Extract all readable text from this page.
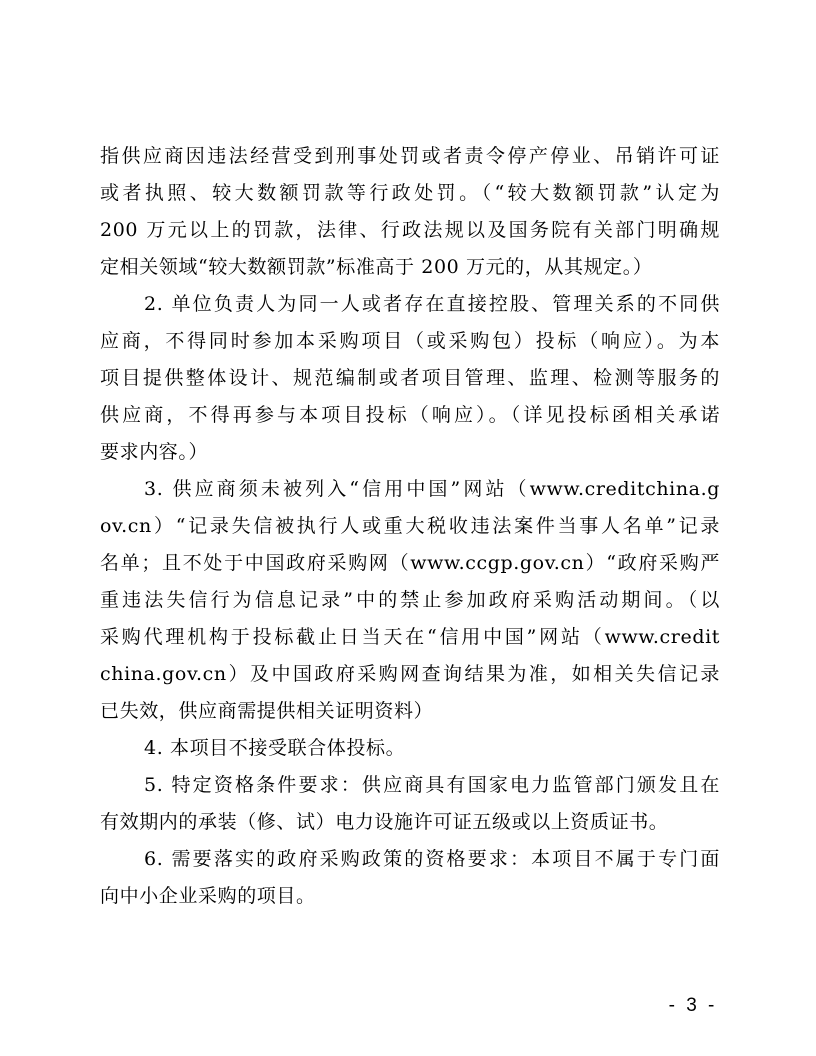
指供应商因违法经营受到刑事处罚或者责令停产停业、吊销许可证
或者执照、较大数额罚款等行政处罚。（“较大数额罚款”认定为
200 万元以上的罚款，法律、行政法规以及国务院有关部门明确规
定相关领域“较大数额罚款”标准高于 200 万元的，从其规定。）
2. 单位负责人为同一人或者存在直接控股、管理关系的不同供
应商，不得同时参加本采购项目（或采购包）投标（响应）。为本
项目提供整体设计、规范编制或者项目管理、监理、检测等服务的
供应商，不得再参与本项目投标（响应）。（详见投标函相关承诺
要求内容。）
3. 供应商须未被列入“信用中国”网站（www.creditchina.g
ov.cn）“记录失信被执行人或重大税收违法案件当事人名单”记录
名单；且不处于中国政府采购网（www.ccgp.gov.cn）“政府采购严
重违法失信行为信息记录”中的禁止参加政府采购活动期间。（以
采购代理机构于投标截止日当天在“信用中国”网站（www.credit
china.gov.cn）及中国政府采购网查询结果为准，如相关失信记录
已失效，供应商需提供相关证明资料）
4. 本项目不接受联合体投标。
5. 特定资格条件要求：供应商具有国家电力监管部门颁发且在
有效期内的承装（修、试）电力设施许可证五级或以上资质证书。
6. 需要落实的政府采购政策的资格要求：本项目不属于专门面
向中小企业采购的项目。
- 3 -
